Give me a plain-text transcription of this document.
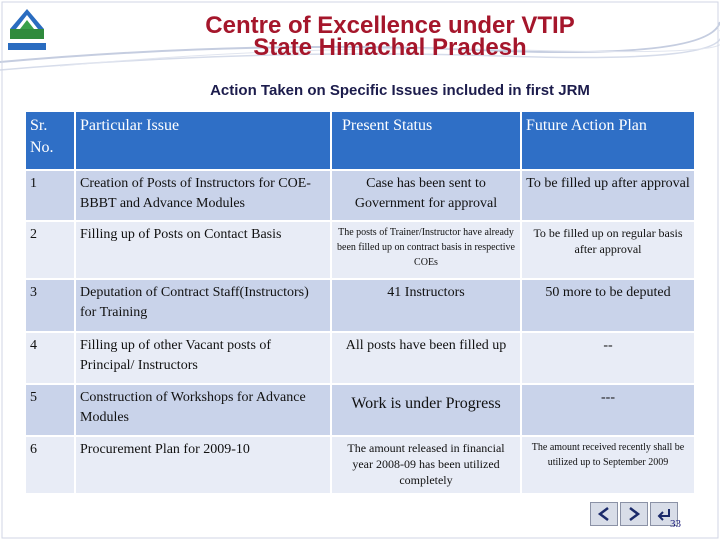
Centre of Excellence under VTIP
State Himachal Pradesh
Action Taken on Specific Issues included in first JRM
Sr. No.	Particular Issue	Present Status	Future Action Plan
1	Creation of Posts of Instructors for COE-BBBT and Advance Modules	Case has been sent to Government for approval	To be filled up after approval
2	Filling up of Posts on Contact Basis	The posts of Trainer/Instructor have already been filled up on contract basis in respective COEs	To be filled up on regular basis after approval
3	Deputation of Contract Staff(Instructors) for Training	41 Instructors	50 more to be deputed
4	Filling up of other Vacant posts of Principal/ Instructors	All posts have been filled up	--
5	Construction of Workshops for Advance Modules	Work is under Progress	---
6	Procurement Plan for 2009-10	The amount released in financial year 2008-09 has been utilized completely	The amount received recently shall be utilized up to September 2009
33
